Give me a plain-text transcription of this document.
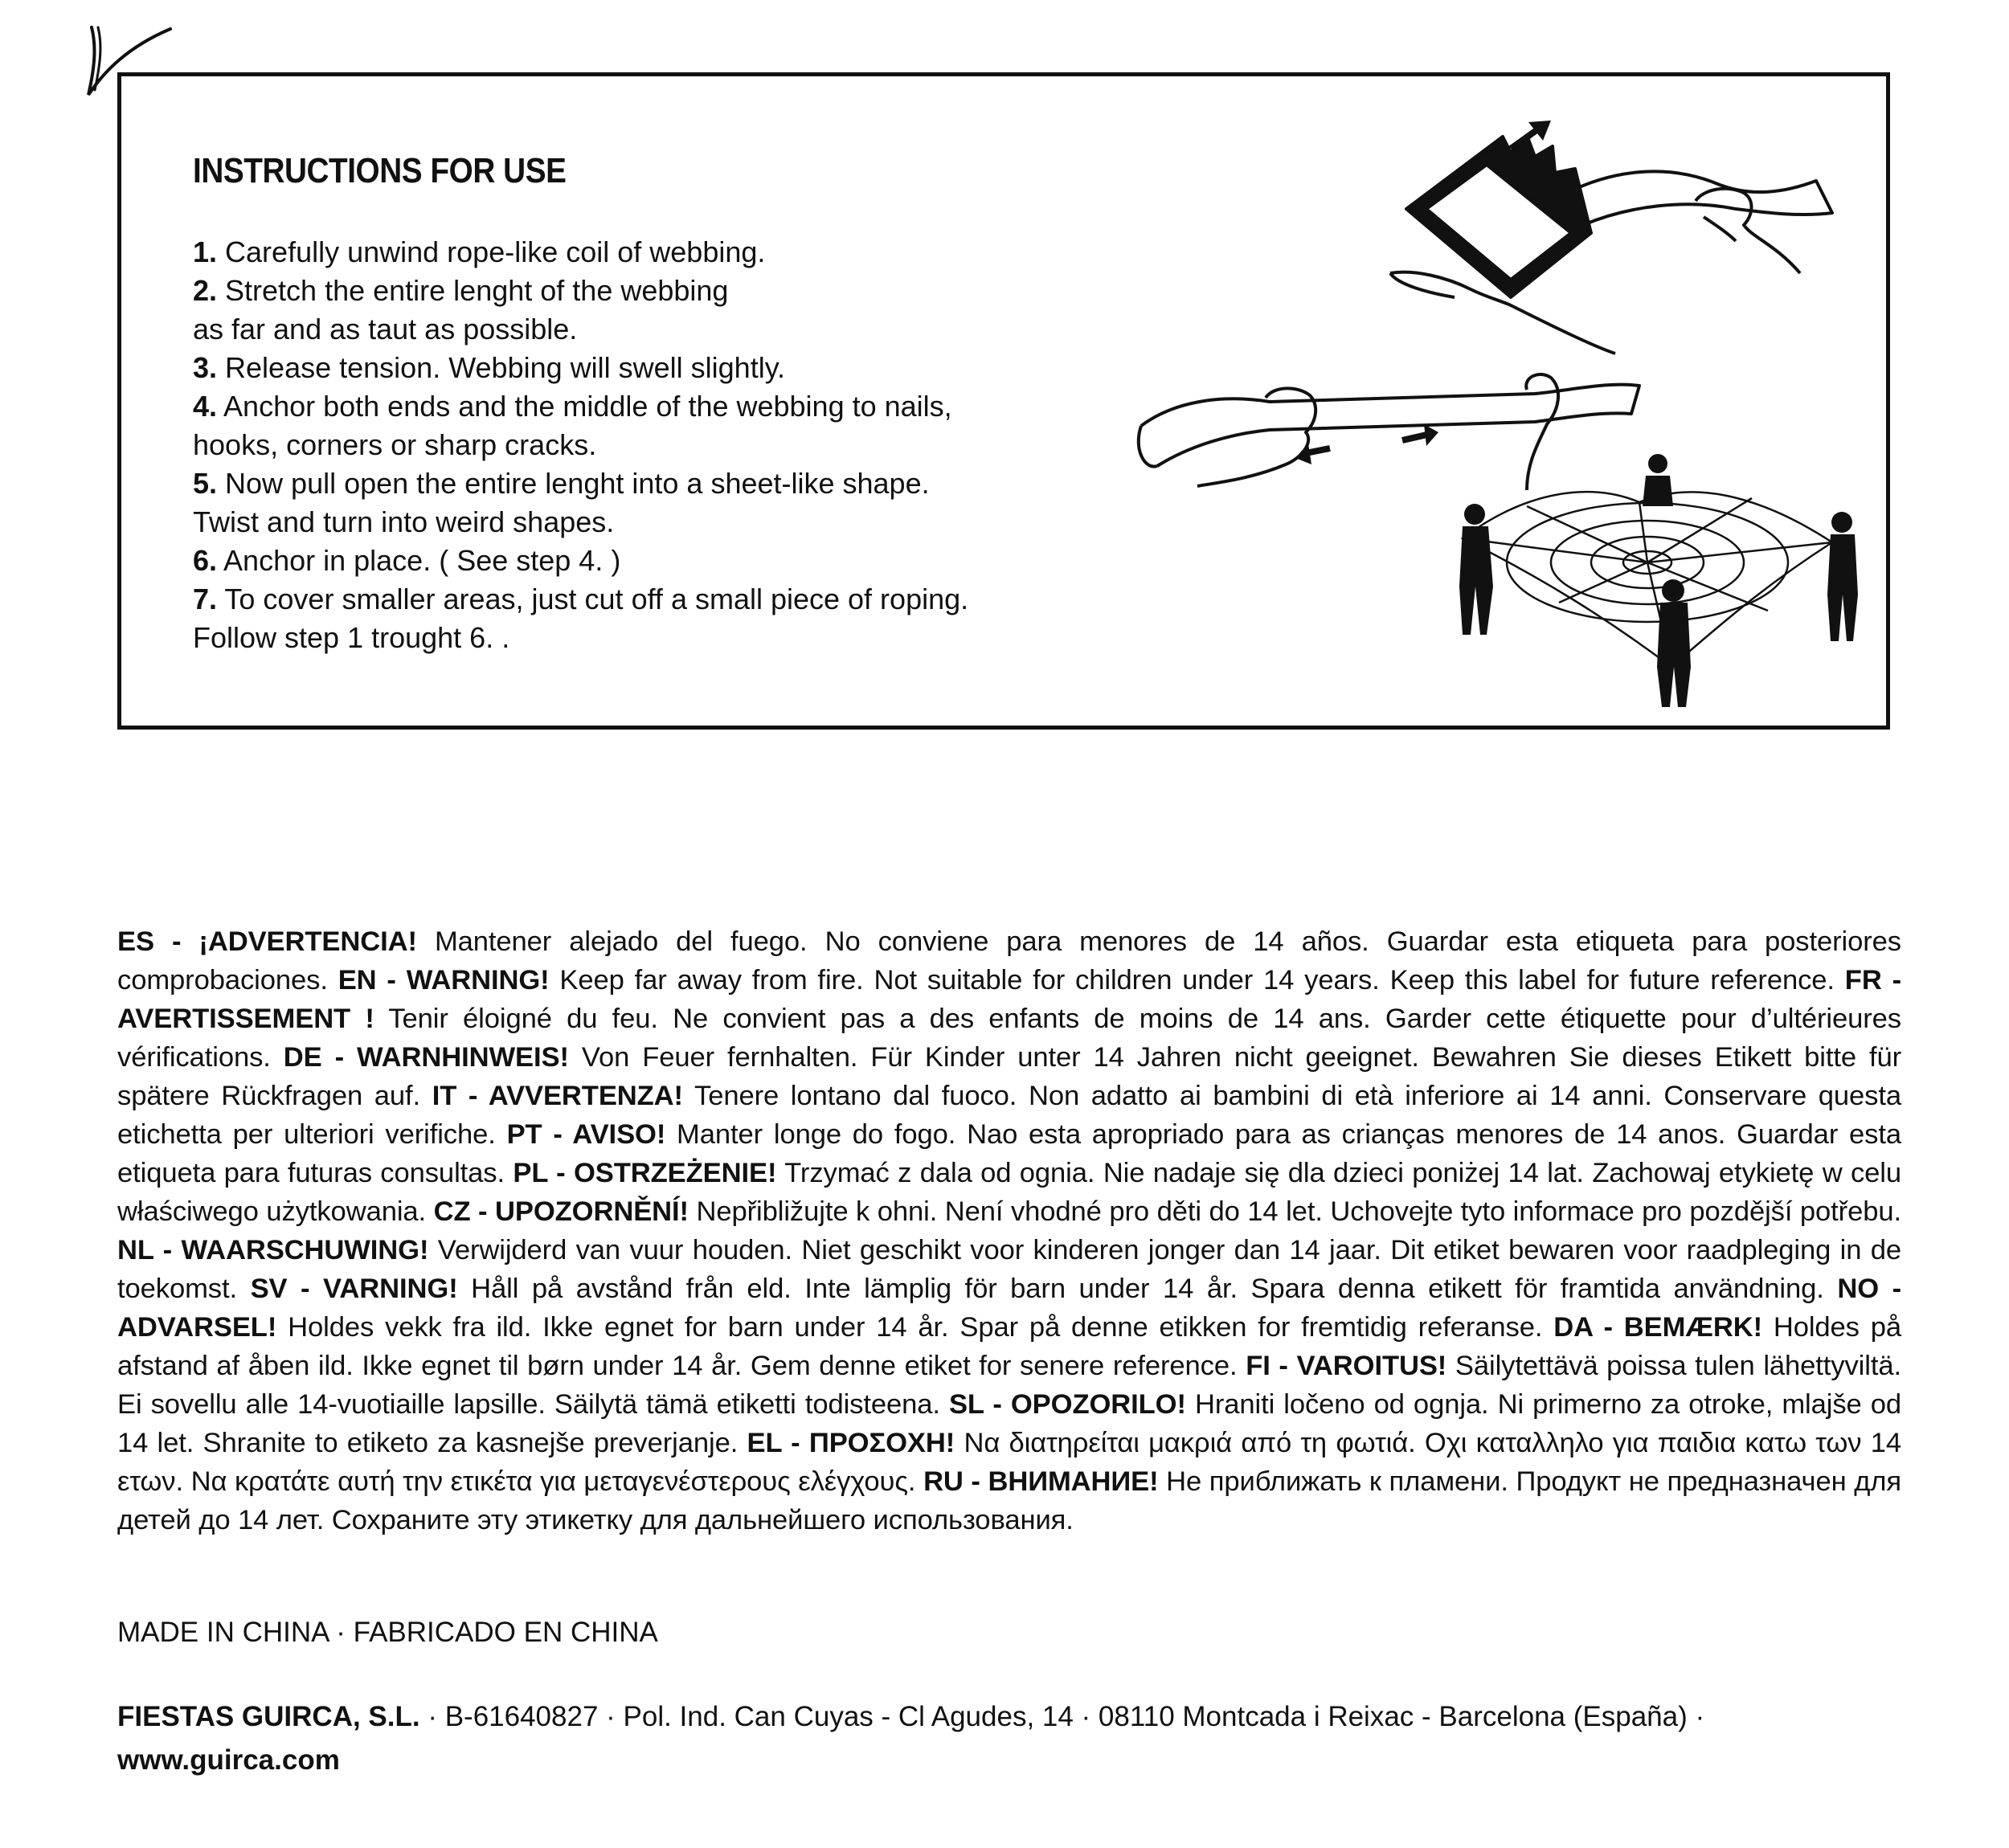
INSTRUCTIONS FOR USE
1. Carefully unwind rope-like coil of webbing.
2. Stretch the entire lenght of the webbing
as far and as taut as possible.
3. Release tension. Webbing will swell slightly.
4. Anchor both ends and the middle of the webbing to nails,
hooks, corners or sharp cracks.
5. Now pull open the entire lenght into a sheet-like shape.
Twist and turn into weird shapes.
6. Anchor in place. ( See step 4. )
7. To cover smaller areas, just cut off a small piece of roping.
Follow step 1 trought 6. .

ES - ¡ADVERTENCIA! Mantener alejado del fuego. No conviene para menores de 14 años. Guardar esta etiqueta para posteriores comprobaciones. EN - WARNING! Keep far away from fire. Not suitable for children under 14 years. Keep this label for future reference. FR - AVERTISSEMENT ! Tenir éloigné du feu. Ne convient pas a des enfants de moins de 14 ans. Garder cette étiquette pour d’ultérieures vérifications. DE - WARNHINWEIS! Von Feuer fernhalten. Für Kinder unter 14 Jahren nicht geeignet. Bewahren Sie dieses Etikett bitte für spätere Rückfragen auf. IT - AVVERTENZA! Tenere lontano dal fuoco. Non adatto ai bambini di età inferiore ai 14 anni. Conservare questa etichetta per ulteriori verifiche. PT - AVISO! Manter longe do fogo. Nao esta apropriado para as crianças menores de 14 anos. Guardar esta etiqueta para futuras consultas. PL - OSTRZEŻENIE! Trzymać z dala od ognia. Nie nadaje się dla dzieci poniżej 14 lat. Zachowaj etykietę w celu właściwego użytkowania. CZ - UPOZORNĚNÍ! Nepřibližujte k ohni. Není vhodné pro děti do 14 let. Uchovejte tyto informace pro pozdější potřebu. NL - WAARSCHUWING! Verwijderd van vuur houden. Niet geschikt voor kinderen jonger dan 14 jaar. Dit etiket bewaren voor raadpleging in de toekomst. SV - VARNING! Håll på avstånd från eld. Inte lämplig för barn under 14 år. Spara denna etikett för framtida användning. NO - ADVARSEL! Holdes vekk fra ild. Ikke egnet for barn under 14 år. Spar på denne etikken for fremtidig referanse. DA - BEMÆRK! Holdes på afstand af åben ild. Ikke egnet til børn under 14 år. Gem denne etiket for senere reference. FI - VAROITUS! Säilytettävä poissa tulen lähettyviltä. Ei sovellu alle 14-vuotiaille lapsille. Säilytä tämä etiketti todisteena. SL - OPOZORILO! Hraniti ločeno od ognja. Ni primerno za otroke, mlajše od 14 let. Shranite to etiketo za kasnejše preverjanje. EL - ΠΡΟΣΟΧΗ! Να διατηρείται μακριά από τη φωτιά. Οχι καταλληλο για παιδια κατω των 14 ετων. Να κρατάτε αυτή την ετικέτα για μεταγενέστερους ελέγχους. RU - ВНИМАНИЕ! Не приближать к пламени. Продукт не предназначен для детей до 14 лет. Сохраните эту этикетку для дальнейшего использования.

MADE IN CHINA · FABRICADO EN CHINA

FIESTAS GUIRCA, S.L. · B-61640827 · Pol. Ind. Can Cuyas - Cl Agudes, 14 · 08110 Montcada i Reixac - Barcelona (España) · www.guirca.com
